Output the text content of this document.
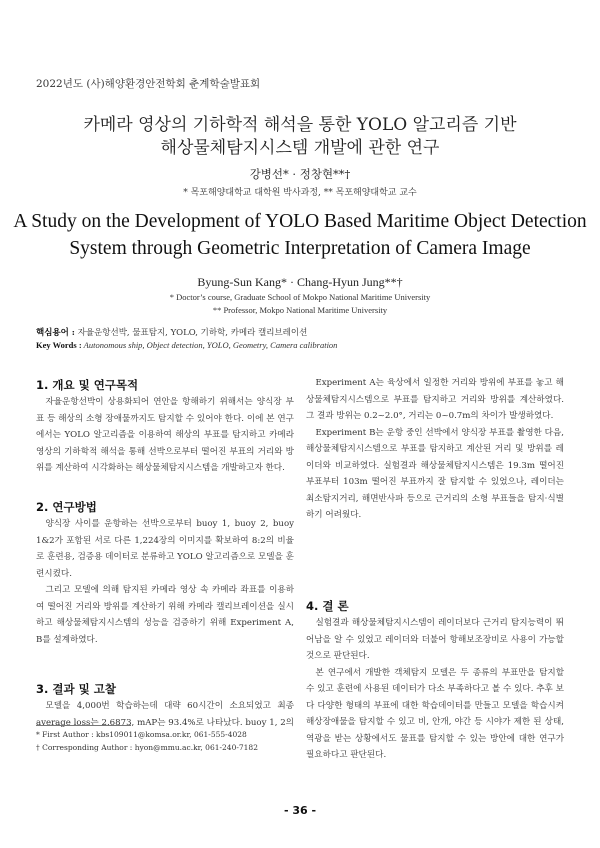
2022년도 (사)해양환경안전학회 춘계학술발표회
카메라 영상의 기하학적 해석을 통한 YOLO 알고리즘 기반
해상물체탐지시스템 개발에 관한 연구
강병선* · 정창현**†
* 목포해양대학교 대학원 박사과정, ** 목포해양대학교 교수
A Study on the Development of YOLO Based Maritime Object Detection
System through Geometric Interpretation of Camera Image
Byung-Sun Kang* · Chang-Hyun Jung**†
* Doctor’s course, Graduate School of Mokpo National Maritime University
** Professor, Mokpo National Maritime University
핵심용어 : 자율운항선박, 물표탐지, YOLO, 기하학, 카메라 캘리브레이션
Key Words : Autonomous ship, Object detection, YOLO, Geometry, Camera calibration
1. 개요 및 연구목적

자율운항선박이 상용화되어 연안을 항해하기 위해서는 양식장 부표 등 해상의 소형 장애물까지도 탐지할 수 있어야 한다. 이에 본 연구에서는 YOLO 알고리즘을 이용하여 해상의 부표를 탐지하고 카메라 영상의 기하학적 해석을 통해 선박으로부터 떨어진 부표의 거리와 방위를 계산하여 시각화하는 해상물체탐지시스템을 개발하고자 한다.

2. 연구방법

양식장 사이를 운항하는 선박으로부터 buoy 1, buoy 2, buoy 1&2가 포함된 서로 다른 1,224장의 이미지를 확보하여 8:2의 비율로 훈련용, 검증용 데이터로 분류하고 YOLO 알고리즘으로 모델을 훈련시켰다.

그리고 모델에 의해 탐지된 카메라 영상 속 카메라 좌표를 이용하여 떨어진 거리와 방위를 계산하기 위해 카메라 캘리브레이션을 실시하고 해상물체탐지시스템의 성능을 검증하기 위해 Experiment A, B를 설계하였다.

3. 결과 및 고찰

모델을 4,000번 학습하는데 대략 60시간이 소요되었고 최종 average loss는 2.6873, mAP는 93.4%로 나타났다. buoy 1, 2의

* First Author : kbs109011@komsa.or.kr, 061-555-4028
† Corresponding Author : hyon@mmu.ac.kr, 061-240-7182

Experiment A는 육상에서 일정한 거리와 방위에 부표를 놓고 해상물체탐지시스템으로 부표를 탐지하고 거리와 방위를 계산하였다. 그 결과 방위는 0.2~2.0°, 거리는 0~0.7m의 차이가 발생하였다.

Experiment B는 운항 중인 선박에서 양식장 부표를 촬영한 다음, 해상물체탐지시스템으로 부표를 탐지하고 계산된 거리 및 방위를 레이더와 비교하였다. 실험결과 해상물체탐지시스템은 19.3m 떨어진 부표부터 103m 떨어진 부표까지 잘 탐지할 수 있었으나, 레이더는 최소탐지거리, 해면반사파 등으로 근거리의 소형 부표들을 탐지·식별하기 어려웠다.

4. 결 론

실험결과 해상물체탐지시스템이 레이더보다 근거리 탐지능력이 뛰어남을 알 수 있었고 레이더와 더불어 항해보조장비로 사용이 가능할 것으로 판단된다.

본 연구에서 개발한 객체탐지 모델은 두 종류의 부표만을 탐지할 수 있고 훈련에 사용된 데이터가 다소 부족하다고 볼 수 있다. 추후 보다 다양한 형태의 부표에 대한 학습데이터를 만들고 모델을 학습시켜 해상장애물을 탐지할 수 있고 비, 안개, 야간 등 시야가 제한 된 상태, 역광을 받는 상황에서도 물표를 탐지할 수 있는 방안에 대한 연구가 필요하다고 판단된다.

- 36 -
